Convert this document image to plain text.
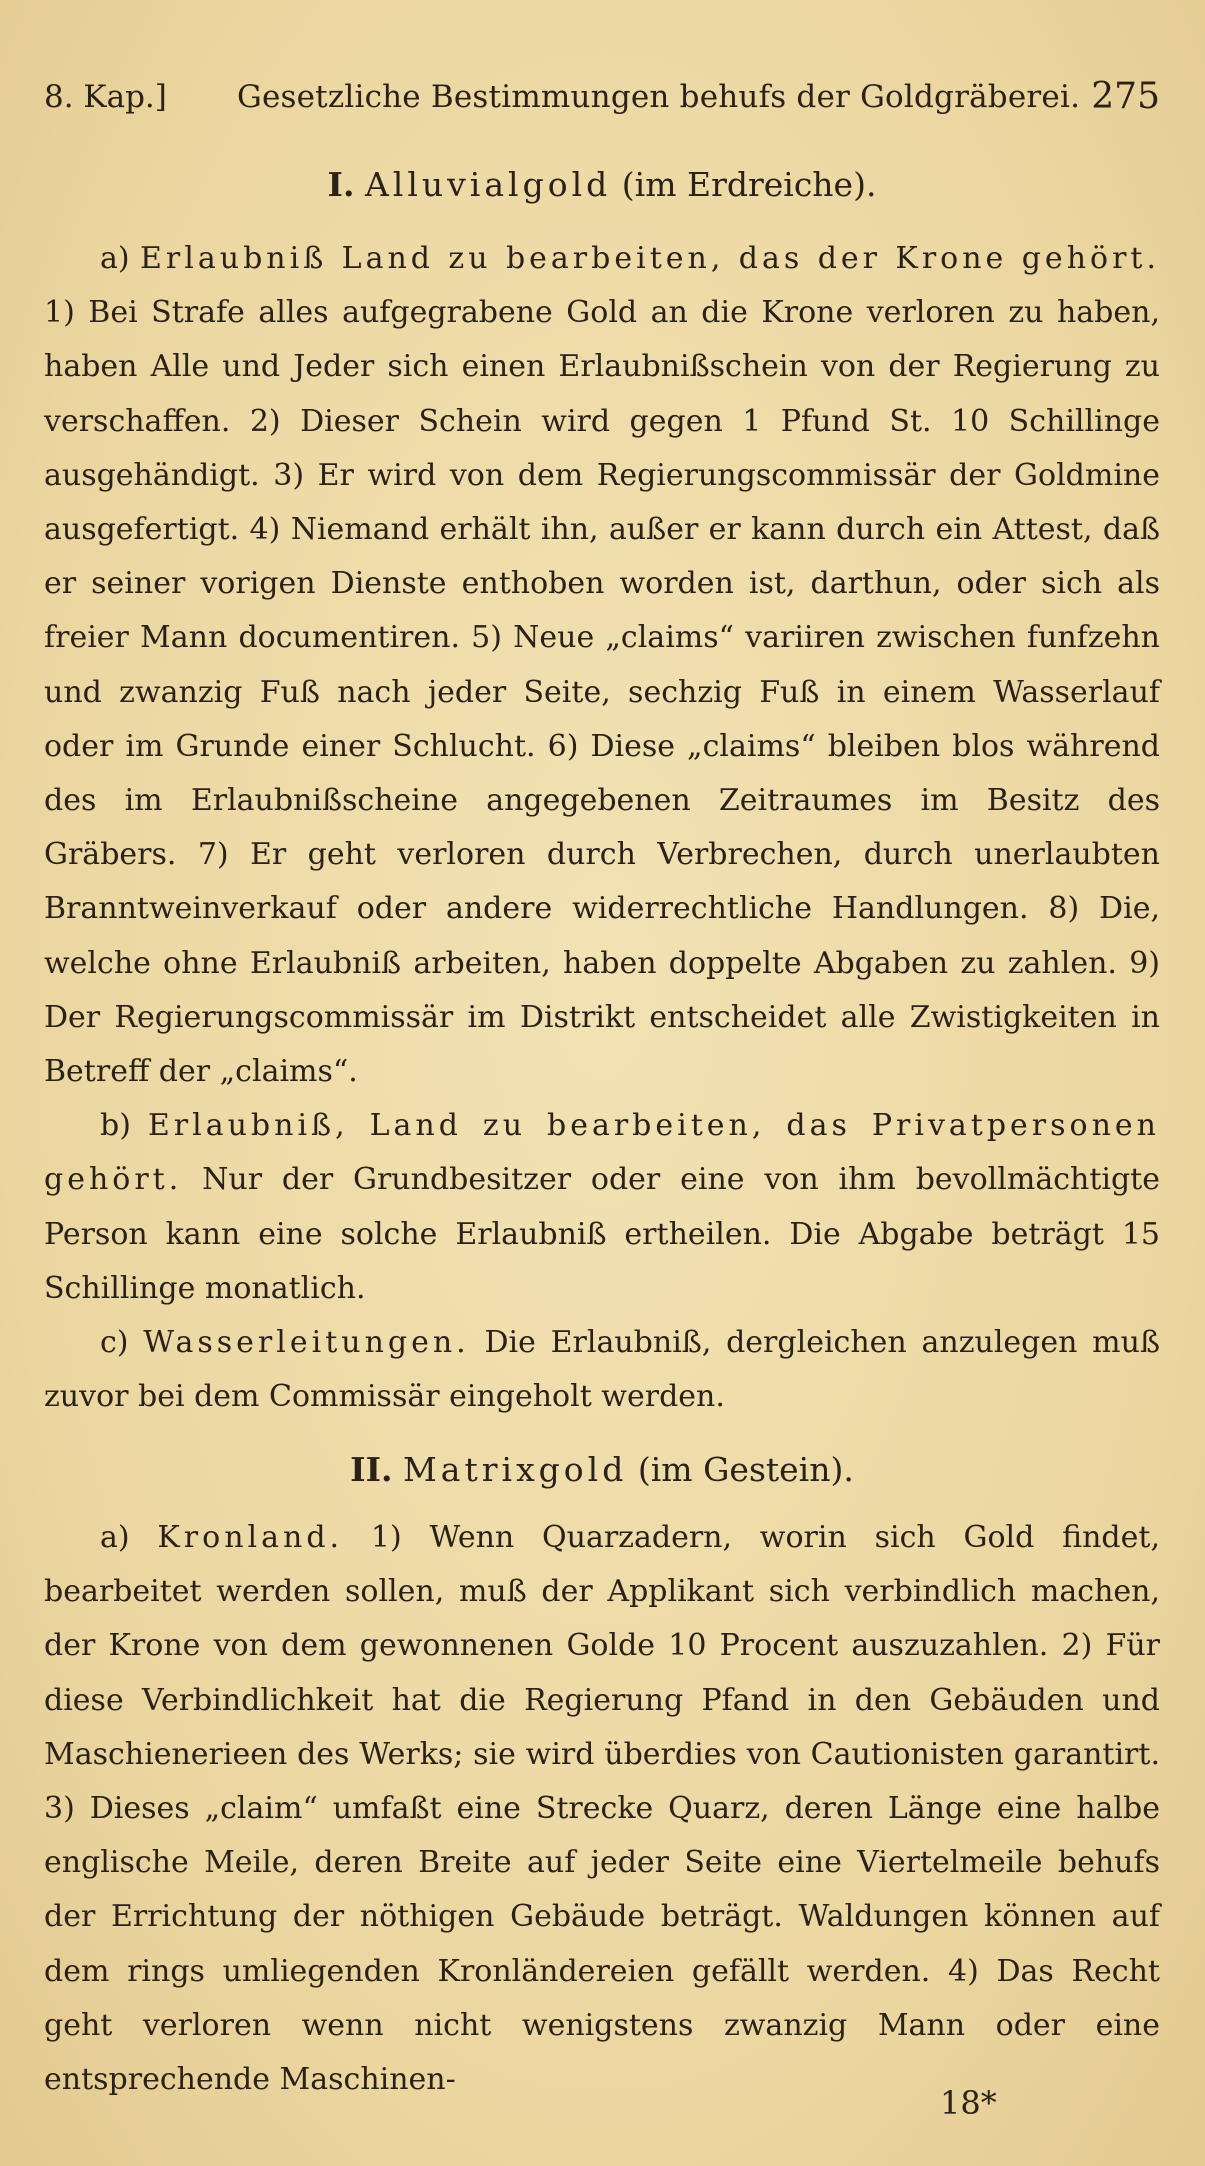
8. Kap.] Gesetzliche Bestimmungen behufs der Goldgräberei. 275
I. Alluvialgold (im Erdreiche).

a) Erlaubniß Land zu bearbeiten, das der Krone gehört. 1) Bei Strafe alles aufgegrabene Gold an die Krone verloren zu haben, haben Alle und Jeder sich einen Erlaubnißschein von der Regierung zu verschaffen. 2) Dieser Schein wird gegen 1 Pfund St. 10 Schillinge ausgehändigt. 3) Er wird von dem Regierungscommissär der Goldmine ausgefertigt. 4) Niemand erhält ihn, außer er kann durch ein Attest, daß er seiner vorigen Dienste enthoben worden ist, darthun, oder sich als freier Mann documentiren. 5) Neue „claims“ variiren zwischen funfzehn und zwanzig Fuß nach jeder Seite, sechzig Fuß in einem Wasserlauf oder im Grunde einer Schlucht. 6) Diese „claims“ bleiben blos während des im Erlaubnißscheine angegebenen Zeitraumes im Besitz des Gräbers. 7) Er geht verloren durch Verbrechen, durch unerlaubten Branntweinverkauf oder andere widerrechtliche Handlungen. 8) Die, welche ohne Erlaubniß arbeiten, haben doppelte Abgaben zu zahlen. 9) Der Regierungscommissär im Distrikt entscheidet alle Zwistigkeiten in Betreff der „claims“.

b) Erlaubniß, Land zu bearbeiten, das Privatpersonen gehört. Nur der Grundbesitzer oder eine von ihm bevollmächtigte Person kann eine solche Erlaubniß ertheilen. Die Abgabe beträgt 15 Schillinge monatlich.

c) Wasserleitungen. Die Erlaubniß, dergleichen anzulegen muß zuvor bei dem Commissär eingeholt werden.

II. Matrixgold (im Gestein).

a) Kronland. 1) Wenn Quarzadern, worin sich Gold findet, bearbeitet werden sollen, muß der Applikant sich verbindlich machen, der Krone von dem gewonnenen Golde 10 Procent auszuzahlen. 2) Für diese Verbindlichkeit hat die Regierung Pfand in den Gebäuden und Maschienerieen des Werks; sie wird überdies von Cautionisten garantirt. 3) Dieses „claim“ umfaßt eine Strecke Quarz, deren Länge eine halbe englische Meile, deren Breite auf jeder Seite eine Viertelmeile behufs der Errichtung der nöthigen Gebäude beträgt. Waldungen können auf dem rings umliegenden Kronländereien gefällt werden. 4) Das Recht geht verloren wenn nicht wenigstens zwanzig Mann oder eine entsprechende Maschinen-

18*
